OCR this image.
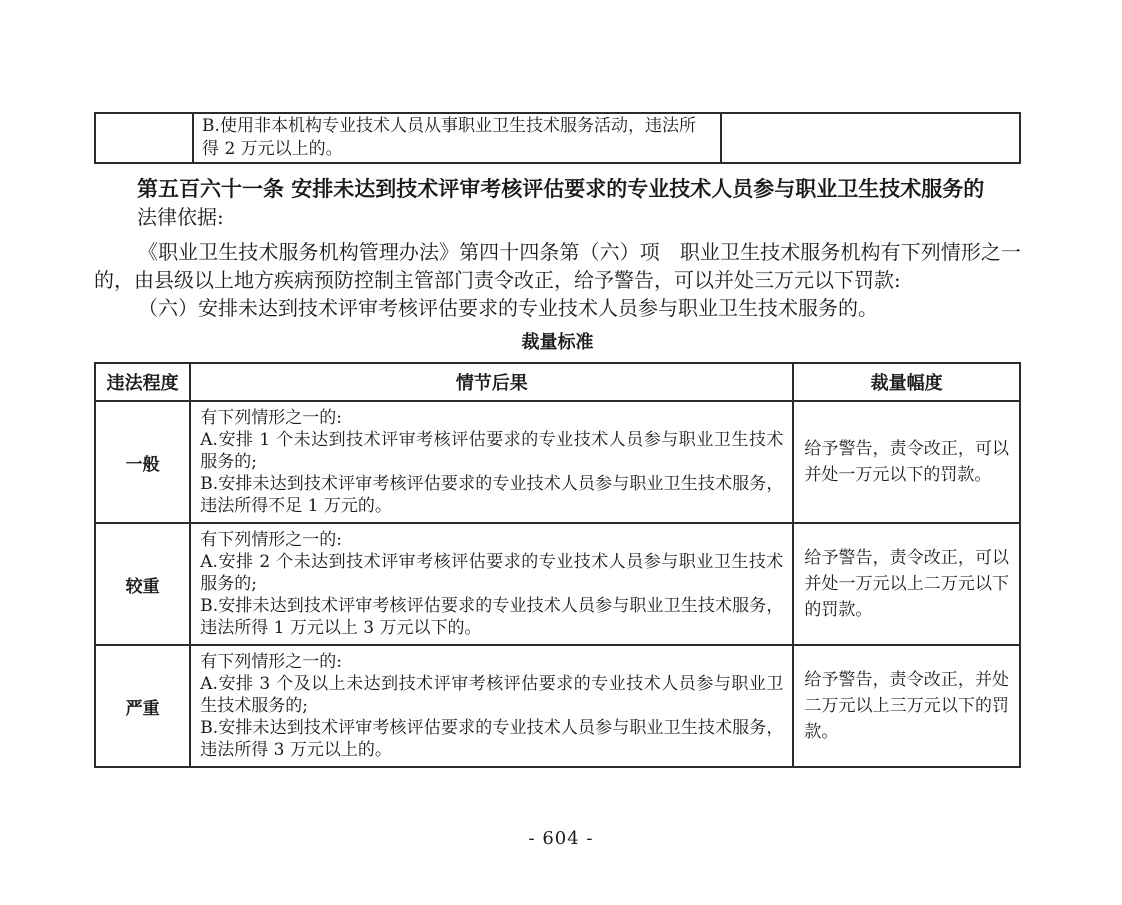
	B.使用非本机构专业技术人员从事职业卫生技术服务活动，违法所得 2 万元以上的。	
第五百六十一条 安排未达到技术评审考核评估要求的专业技术人员参与职业卫生技术服务的
法律依据:

《职业卫生技术服务机构管理办法》第四十四条第（六）项　职业卫生技术服务机构有下列情形之一的，由县级以上地方疾病预防控制主管部门责令改正，给予警告，可以并处三万元以下罚款:

（六）安排未达到技术评审考核评估要求的专业技术人员参与职业卫生技术服务的。

裁量标准
违法程度	情节后果	裁量幅度
一般	有下列情形之一的:
A.安排 1 个未达到技术评审考核评估要求的专业技术人员参与职业卫生技术服务的;
B.安排未达到技术评审考核评估要求的专业技术人员参与职业卫生技术服务，违法所得不足 1 万元的。	给予警告，责令改正，可以并处一万元以下的罚款。
较重	有下列情形之一的:
A.安排 2 个未达到技术评审考核评估要求的专业技术人员参与职业卫生技术服务的;
B.安排未达到技术评审考核评估要求的专业技术人员参与职业卫生技术服务，违法所得 1 万元以上 3 万元以下的。	给予警告，责令改正，可以并处一万元以上二万元以下的罚款。
严重	有下列情形之一的:
A.安排 3 个及以上未达到技术评审考核评估要求的专业技术人员参与职业卫生技术服务的;
B.安排未达到技术评审考核评估要求的专业技术人员参与职业卫生技术服务，违法所得 3 万元以上的。	给予警告，责令改正，并处二万元以上三万元以下的罚款。
- 604 -
